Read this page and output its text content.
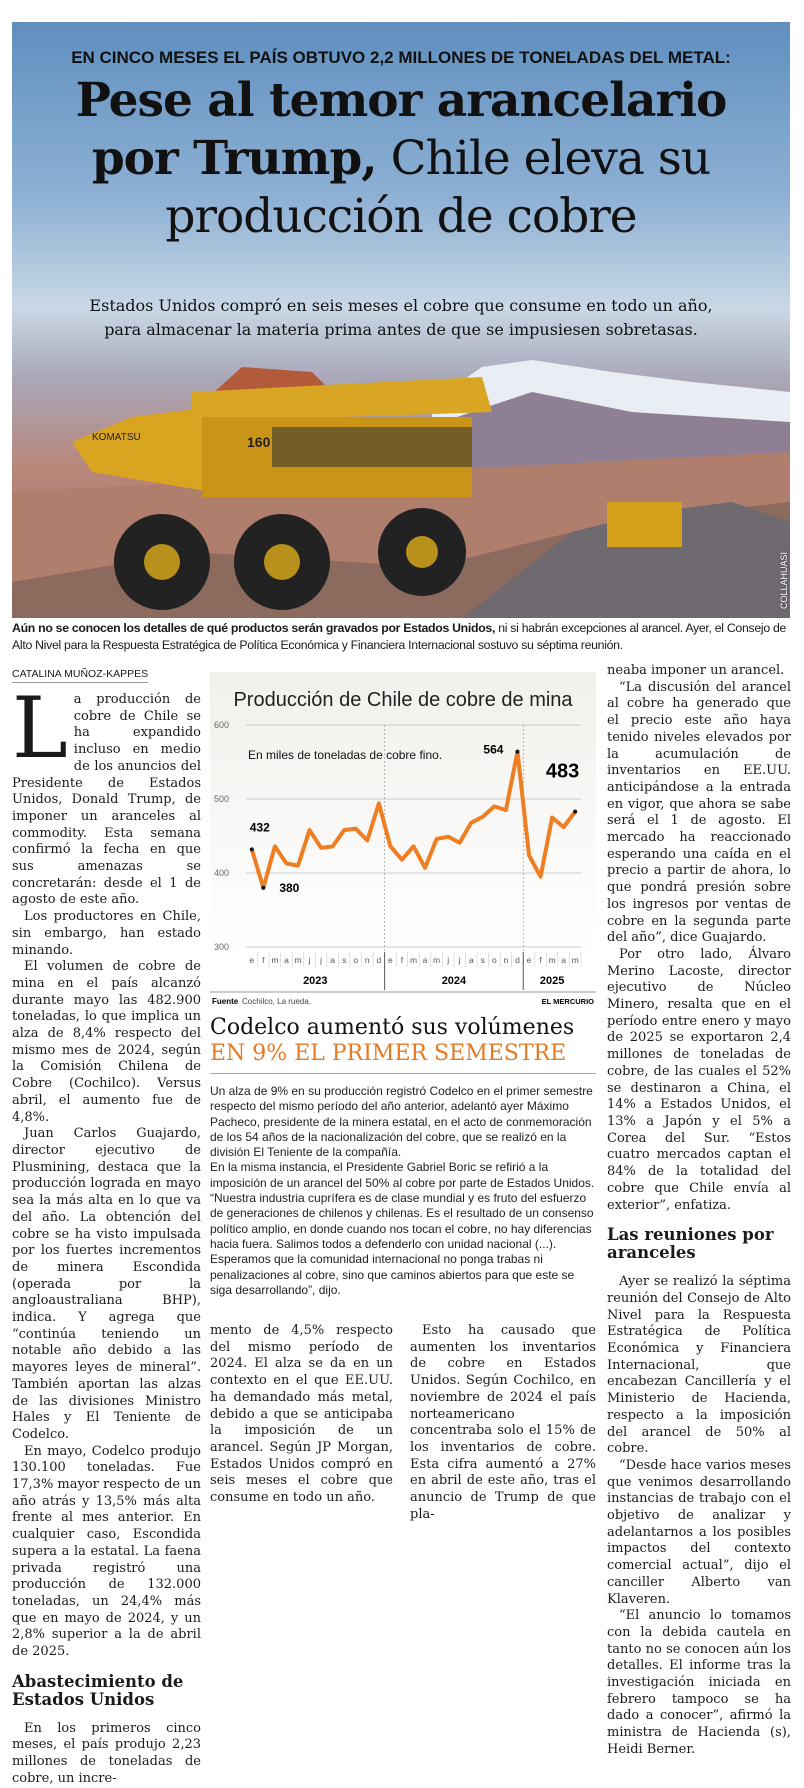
KOMATSU	160
EN CINCO MESES EL PAÍS OBTUVO 2,2 MILLONES DE TONELADAS DEL METAL:
Pese al temor arancelario
por Trump, Chile eleva su
producción de cobre
Estados Unidos compró en seis meses el cobre que consume en todo un año,
para almacenar la materia prima antes de que se impusiesen sobretasas.
COLLAHUASI
Aún no se conocen los detalles de qué productos serán gravados por Estados Unidos, ni si habrán excepciones al arancel. Ayer, el Consejo de Alto Nivel para la Respuesta Estratégica de Política Económica y Financiera Internacional sostuvo su séptima reunión.
CATALINA MUÑOZ-KAPPES

La producción de cobre de Chile se ha expandido incluso en medio de los anuncios del Presidente de Estados Unidos, Donald Trump, de imponer un aranceles al commodity. Esta semana confirmó la fecha en que sus amenazas se concretarán: desde el 1 de agosto de este año.

Los productores en Chile, sin embargo, han estado minando.

El volumen de cobre de mina en el país alcanzó durante mayo las 482.900 toneladas, lo que implica un alza de 8,4% respecto del mismo mes de 2024, según la Comisión Chilena de Cobre (Cochilco). Versus abril, el aumento fue de 4,8%.

Juan Carlos Guajardo, director ejecutivo de Plusmining, destaca que la producción lograda en mayo sea la más alta en lo que va del año. La obtención del cobre se ha visto impulsada por los fuertes incrementos de minera Escondida (operada por la angloaustraliana BHP), indica. Y agrega que “continúa teniendo un notable año debido a las mayores leyes de mineral”. También aportan las alzas de las divisiones Ministro Hales y El Teniente de Codelco.

En mayo, Codelco produjo 130.100 toneladas. Fue 17,3% mayor respecto de un año atrás y 13,5% más alta frente al mes anterior. En cualquier caso, Escondida supera a la estatal. La faena privada registró una producción de 132.000 toneladas, un 24,4% más que en mayo de 2024, y un 2,8% superior a la de abril de 2025.

Abastecimiento de Estados Unidos

En los primeros cinco meses, el país produjo 2,23 millones de toneladas de cobre, un incre-

Producción de Chile de cobre de mina
300
400
500
600
En miles de toneladas de cobre fino.
e f m a m j j a s o n d e f m a m j j a s o n d e f m a m
2023	2024	2025
432
380
564
483
Fuente Cochilco, La rueda.	EL MERCURIO
Codelco aumentó sus volúmenes
EN 9% EL PRIMER SEMESTRE

Un alza de 9% en su producción registró Codelco en el primer semestre respecto del mismo período del año anterior, adelantó ayer Máximo Pacheco, presidente de la minera estatal, en el acto de conmemoración de los 54 años de la nacionalización del cobre, que se realizó en la división El Teniente de la compañía.

En la misma instancia, el Presidente Gabriel Boric se refirió a la imposición de un arancel del 50% al cobre por parte de Estados Unidos. “Nuestra industria cuprífera es de clase mundial y es fruto del esfuerzo de generaciones de chilenos y chilenas. Es el resultado de un consenso político amplio, en donde cuando nos tocan el cobre, no hay diferencias hacia fuera. Salimos todos a defenderlo con unidad nacional (...). Esperamos que la comunidad internacional no ponga trabas ni penalizaciones al cobre, sino que caminos abiertos para que este se siga desarrollando”, dijo.

mento de 4,5% respecto del mismo período de 2024. El alza se da en un contexto en el que EE.UU. ha demandado más metal, debido a que se anticipaba la imposición de un arancel. Según JP Morgan, Estados Unidos compró en seis meses el cobre que consume en todo un año.

Esto ha causado que aumenten los inventarios de cobre en Estados Unidos. Según Cochilco, en noviembre de 2024 el país norteamericano concentraba solo el 15% de los inventarios de cobre. Esta cifra aumentó a 27% en abril de este año, tras el anuncio de Trump de que pla-

neaba imponer un arancel.

“La discusión del arancel al cobre ha generado que el precio este año haya tenido niveles elevados por la acumulación de inventarios en EE.UU. anticipándose a la entrada en vigor, que ahora se sabe será el 1 de agosto. El mercado ha reaccionado esperando una caída en el precio a partir de ahora, lo que pondrá presión sobre los ingresos por ventas de cobre en la segunda parte del año”, dice Guajardo.

Por otro lado, Álvaro Merino Lacoste, director ejecutivo de Núcleo Minero, resalta que en el período entre enero y mayo de 2025 se exportaron 2,4 millones de toneladas de cobre, de las cuales el 52% se destinaron a China, el 14% a Estados Unidos, el 13% a Japón y el 5% a Corea del Sur. “Estos cuatro mercados captan el 84% de la totalidad del cobre que Chile envía al exterior”, enfatiza.

Las reuniones por aranceles

Ayer se realizó la séptima reunión del Consejo de Alto Nivel para la Respuesta Estratégica de Política Económica y Financiera Internacional, que encabezan Cancillería y el Ministerio de Hacienda, respecto a la imposición del arancel de 50% al cobre.

“Desde hace varios meses que venimos desarrollando instancias de trabajo con el objetivo de analizar y adelantarnos a los posibles impactos del contexto comercial actual”, dijo el canciller Alberto van Klaveren.

“El anuncio lo tomamos con la debida cautela en tanto no se conocen aún los detalles. El informe tras la investigación iniciada en febrero tampoco se ha dado a conocer”, afirmó la ministra de Hacienda (s), Heidi Berner.
